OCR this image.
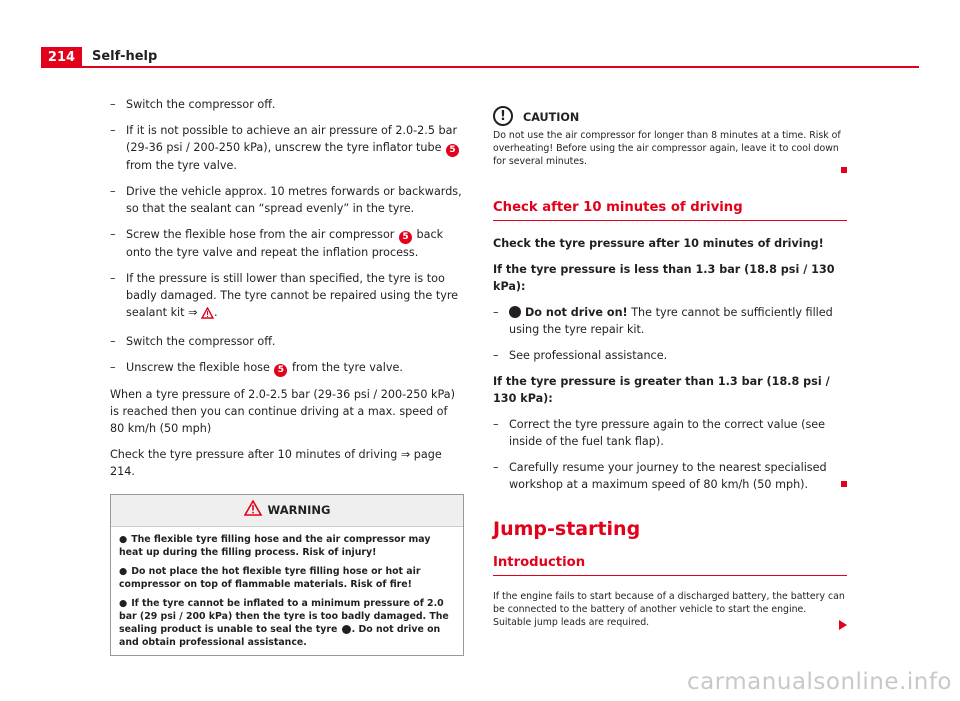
214	Self-help

– Switch the compressor off.

– If it is not possible to achieve an air pressure of 2.0-2.5 bar (29-36 psi / 200-250 kPa), unscrew the tyre inflator tube 5 from the tyre valve.

– Drive the vehicle approx. 10 metres forwards or backwards, so that the sealant can “spread evenly” in the tyre.

– Screw the flexible hose from the air compressor 5 back onto the tyre valve and repeat the inflation process.

– If the pressure is still lower than specified, the tyre is too badly damaged. The tyre cannot be repaired using the tyre sealant kit ⇒ .

– Switch the compressor off.

– Unscrew the flexible hose 5 from the tyre valve.

When a tyre pressure of 2.0-2.5 bar (29-36 psi / 200-250 kPa) is reached then you can continue driving at a max. speed of 80 km/h (50 mph)

Check the tyre pressure after 10 minutes of driving ⇒ page 214.

WARNING

● The flexible tyre filling hose and the air compressor may heat up during the filling process. Risk of injury!

● Do not place the hot flexible tyre filling hose or hot air compressor on top of flammable materials. Risk of fire!

● If the tyre cannot be inflated to a minimum pressure of 2.0 bar (29 psi / 200 kPa) then the tyre is too badly damaged. The sealing product is unable to seal the tyre . Do not drive on and obtain professional assistance.

!	CAUTION
Do not use the air compressor for longer than 8 minutes at a time. Risk of overheating! Before using the air compressor again, leave it to cool down for several minutes.
Check after 10 minutes of driving

Check the tyre pressure after 10 minutes of driving!

If the tyre pressure is less than 1.3 bar (18.8 psi / 130 kPa):

– Do not drive on! The tyre cannot be sufficiently filled using the tyre repair kit.

– See professional assistance.

If the tyre pressure is greater than 1.3 bar (18.8 psi / 130 kPa):

– Correct the tyre pressure again to the correct value (see inside of the fuel tank flap).

– Carefully resume your journey to the nearest specialised workshop at a maximum speed of 80 km/h (50 mph).

Jump-starting
Introduction
If the engine fails to start because of a discharged battery, the battery can be connected to the battery of another vehicle to start the engine. Suitable jump leads are required.
carmanualsonline.info
